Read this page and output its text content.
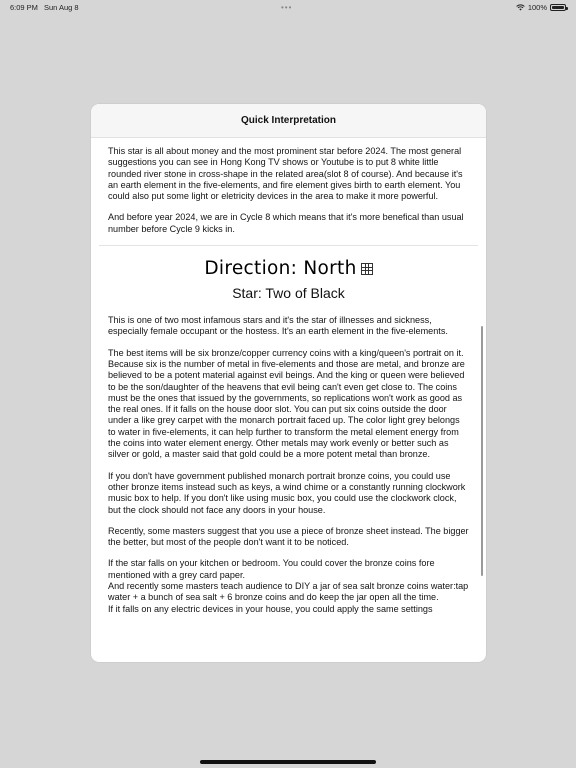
6:09 PM Sun Aug 8	•••	100%
Quick Interpretation

This star is all about money and the most prominent star before 2024. The most general suggestions you can see in Hong Kong TV shows or Youtube is to put 8 white little rounded river stone in cross-shape in the related area(slot 8 of course). And because it's an earth element in the five-elements, and fire element gives birth to earth element. You could also put some light or eletricity devices in the area to make it more powerful.

And before year 2024, we are in Cycle 8 which means that it's more benefical than usual number before Cycle 9 kicks in.

Direction: North
Star: Two of Black

This is one of two most infamous stars and it's the star of illnesses and sickness, especially female occupant or the hostess. It's an earth element in the five-elements.

The best items will be six bronze/copper currency coins with a king/queen's portrait on it. Because six is the number of metal in five-elements and those are metal, and bronze are believed to be a potent material against evil beings. And the king or queen were believed to be the son/daughter of the heavens that evil being can't even get close to. The coins must be the ones that issued by the governments, so replications won't work as good as the real ones. If it falls on the house door slot. You can put six coins outside the door under a like grey carpet with the monarch portrait faced up. The color light grey belongs to water in five-elements, it can help further to transform the metal element energy from the coins into water element energy. Other metals may work evenly or better such as silver or gold, a master said that gold could be a more potent metal than bronze.

If you don't have government published monarch portrait bronze coins, you could use other bronze items instead such as keys, a wind chime or a constantly running clockwork music box to help. If you don't like using music box, you could use the clockwork clock, but the clock should not face any doors in your house.

Recently, some masters suggest that you use a piece of bronze sheet instead. The bigger the better, but most of the people don't want it to be noticed.

If the star falls on your kitchen or bedroom. You could cover the bronze coins fore mentioned with a grey card paper.
And recently some masters teach audience to DIY a jar of sea salt bronze coins water:tap water + a bunch of sea salt + 6 bronze coins and do keep the jar open all the time.
If it falls on any electric devices in your house, you could apply the same settings
